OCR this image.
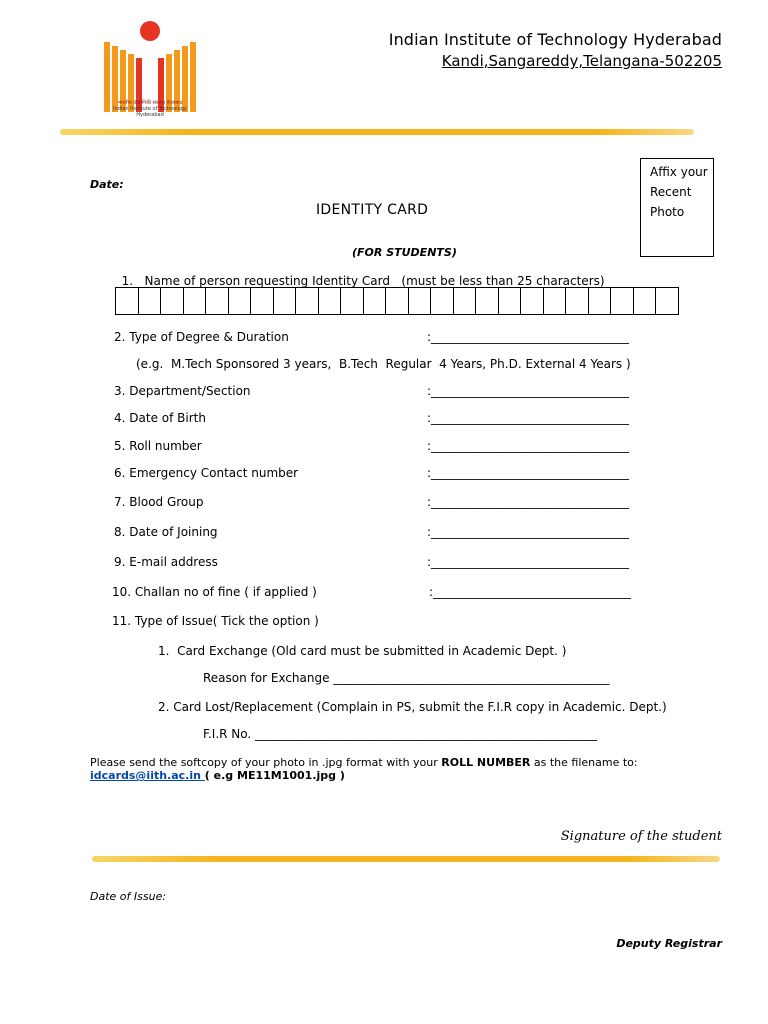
भारतीय प्रौद्योगिकी संस्थान हैदराबाद
Indian Institute of Technology
Hyderabad
Indian Institute of Technology Hyderabad
Kandi,Sangareddy,Telangana-502205
Affix your
Recent
Photo
Date:
IDENTITY CARD
(FOR STUDENTS)

1. Name of person requesting Identity Card   (must be less than 25 characters)

2. Type of Degree & Duration	:_________________________________
(e.g.  M.Tech Sponsored 3 years,  B.Tech  Regular  4 Years, Ph.D. External 4 Years )
3. Department/Section	:_________________________________
4. Date of Birth	:_________________________________
5. Roll number	:_________________________________
6. Emergency Contact number	:_________________________________
7. Blood Group	:_________________________________
8. Date of Joining	:_________________________________
9. E-mail address	:_________________________________
10. Challan no of fine ( if applied )	:_________________________________
11. Type of Issue( Tick the option )
1.  Card Exchange (Old card must be submitted in Academic Dept. )
Reason for Exchange ______________________________________________
2. Card Lost/Replacement (Complain in PS, submit the F.I.R copy in Academic. Dept.)
F.I.R No. _________________________________________________________
Please send the softcopy of your photo in .jpg format with your ROLL NUMBER as the filename to:
idcards@iith.ac.in ( e.g ME11M1001.jpg )
Signature of the student
Date of Issue:
Deputy Registrar
